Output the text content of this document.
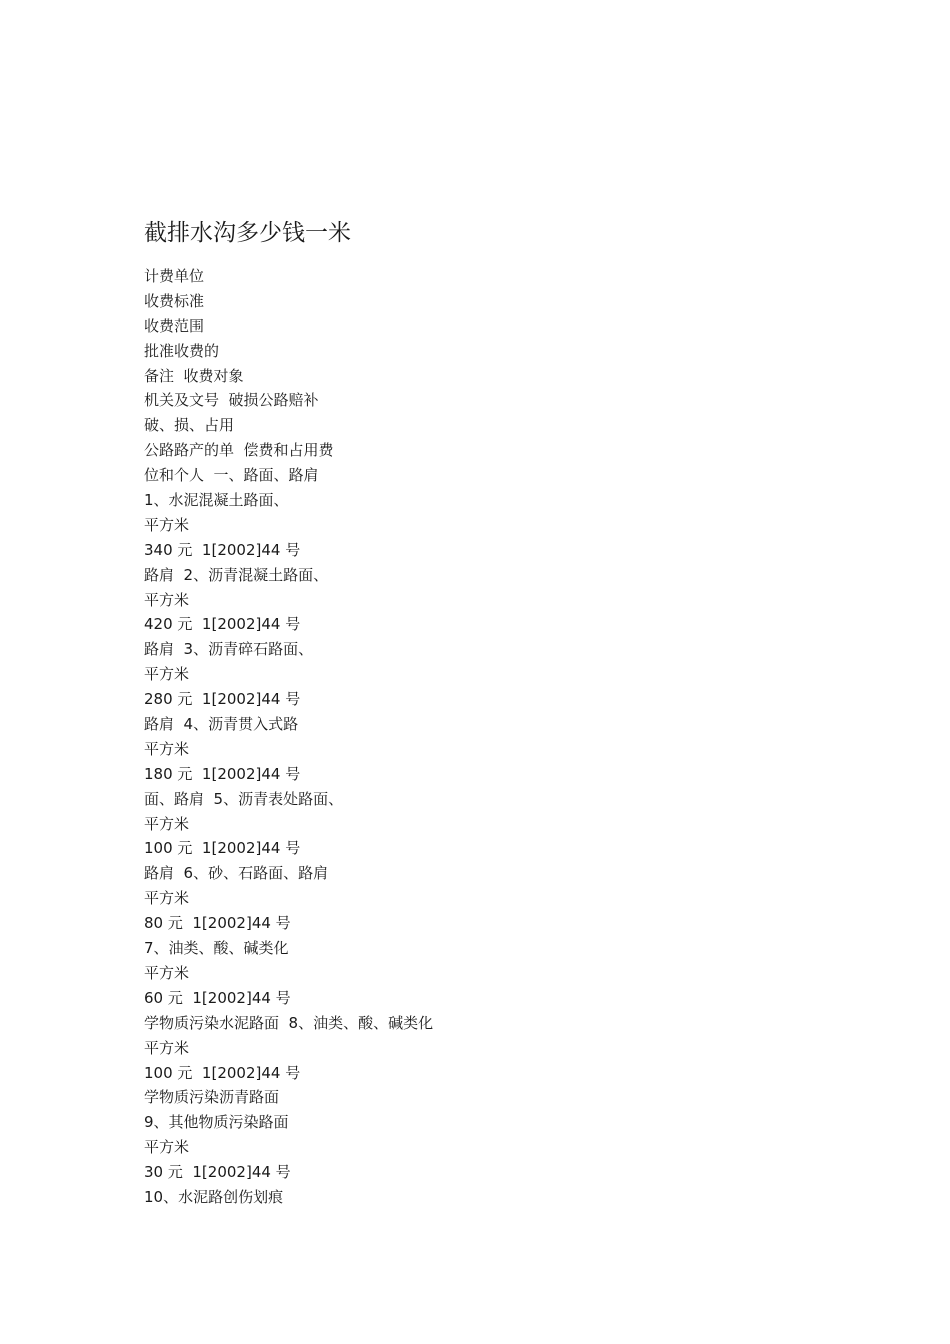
截排水沟多少钱一米
计费单位
收费标准
收费范围
批准收费的
备注  收费对象
机关及文号  破损公路赔补
破、损、占用
公路路产的单  偿费和占用费
位和个人  一、路面、路肩
1、水泥混凝土路面、
平方米
340 元  1[2002]44 号
路肩  2、沥青混凝土路面、
平方米
420 元  1[2002]44 号
路肩  3、沥青碎石路面、
平方米
280 元  1[2002]44 号
路肩  4、沥青贯入式路
平方米
180 元  1[2002]44 号
面、路肩  5、沥青表处路面、
平方米
100 元  1[2002]44 号
路肩  6、砂、石路面、路肩
平方米
80 元  1[2002]44 号
7、油类、酸、碱类化
平方米
60 元  1[2002]44 号
学物质污染水泥路面  8、油类、酸、碱类化
平方米
100 元  1[2002]44 号
学物质污染沥青路面
9、其他物质污染路面
平方米
30 元  1[2002]44 号
10、水泥路创伤划痕
